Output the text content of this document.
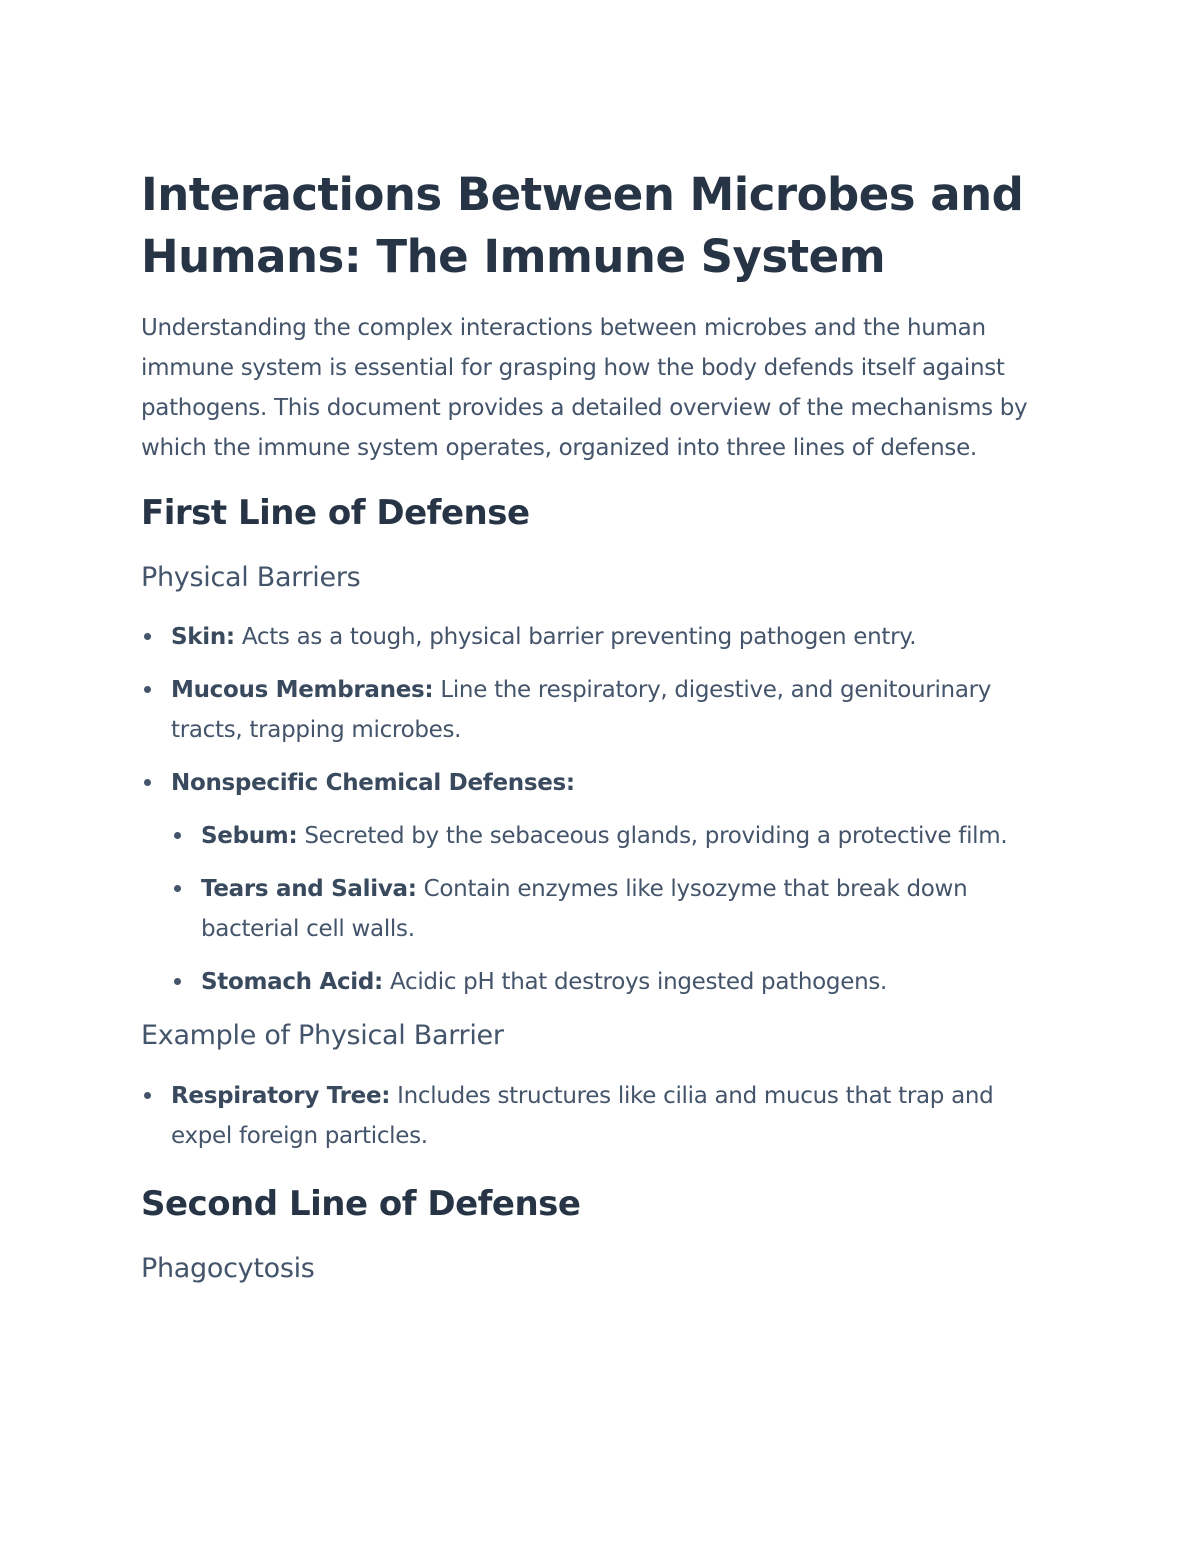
Interactions Between Microbes and
Humans: The Immune System

Understanding the complex interactions between microbes and the human immune system is essential for grasping how the body defends itself against pathogens. This document provides a detailed overview of the mechanisms by which the immune system operates, organized into three lines of defense.

First Line of Defense
Physical Barriers
Skin: Acts as a tough, physical barrier preventing pathogen entry.
Mucous Membranes: Line the respiratory, digestive, and genitourinary tracts, trapping microbes.
Nonspecific Chemical Defenses:
Sebum: Secreted by the sebaceous glands, providing a protective film.
Tears and Saliva: Contain enzymes like lysozyme that break down bacterial cell walls.
Stomach Acid: Acidic pH that destroys ingested pathogens.
Example of Physical Barrier
Respiratory Tree: Includes structures like cilia and mucus that trap and expel foreign particles.
Second Line of Defense
Phagocytosis
